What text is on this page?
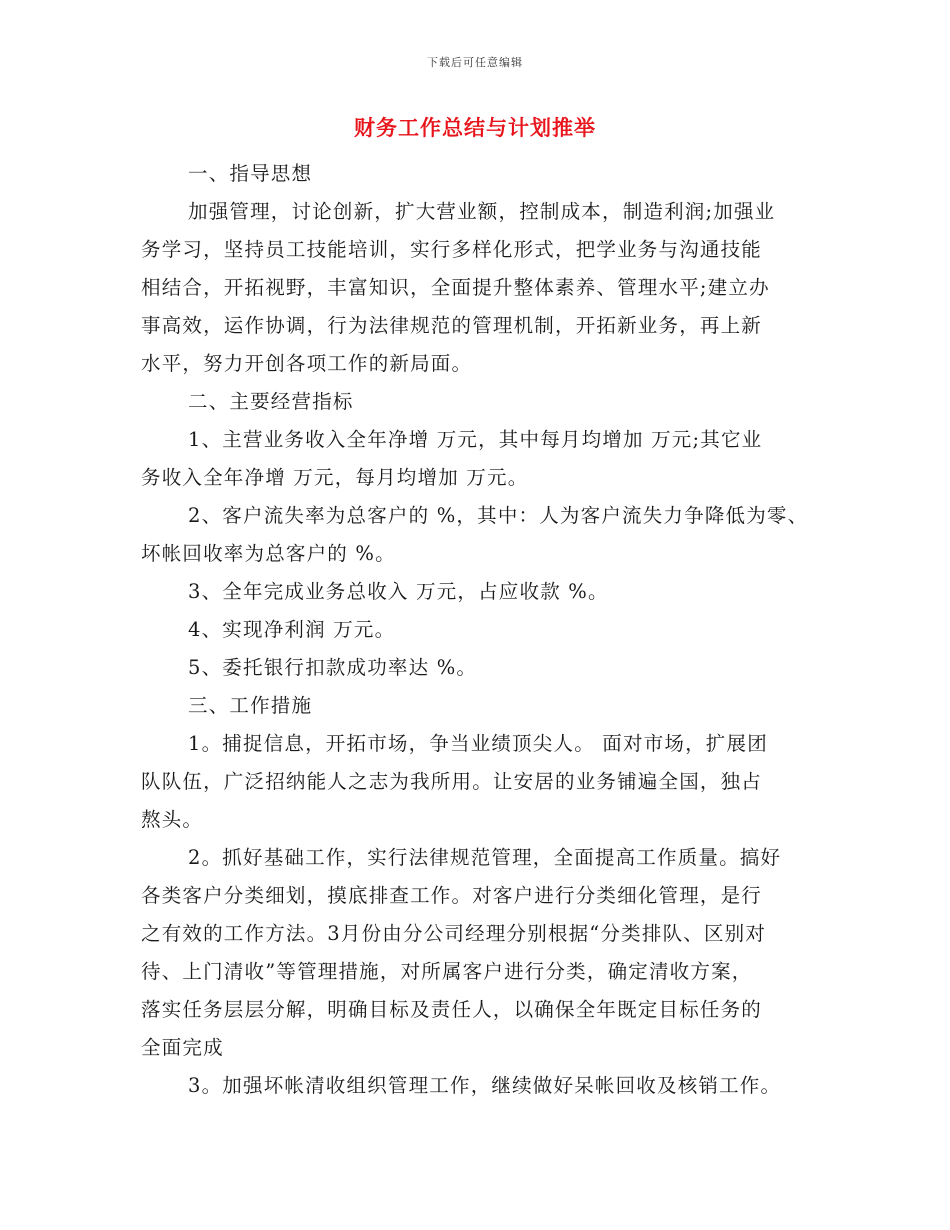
下载后可任意编辑
财务工作总结与计划推举
一、指导思想
加强管理，讨论创新，扩大营业额，控制成本，制造利润;加强业
务学习，坚持员工技能培训，实行多样化形式，把学业务与沟通技能
相结合，开拓视野，丰富知识，全面提升整体素养、管理水平;建立办
事高效，运作协调，行为法律规范的管理机制，开拓新业务，再上新
水平，努力开创各项工作的新局面。
二、主要经营指标
1、主营业务收入全年净增 万元，其中每月均增加 万元;其它业
务收入全年净增 万元，每月均增加 万元。
2、客户流失率为总客户的 %，其中：人为客户流失力争降低为零、
坏帐回收率为总客户的 %。
3、全年完成业务总收入 万元，占应收款 %。
4、实现净利润 万元。
5、委托银行扣款成功率达 %。
三、工作措施
1。捕捉信息，开拓市场，争当业绩顶尖人。 面对市场，扩展团
队队伍，广泛招纳能人之志为我所用。让安居的业务铺遍全国，独占
熬头。
2。抓好基础工作，实行法律规范管理，全面提高工作质量。搞好
各类客户分类细划，摸底排查工作。对客户进行分类细化管理，是行
之有效的工作方法。3月份由分公司经理分别根据“分类排队、区别对
待、上门清收”等管理措施，对所属客户进行分类，确定清收方案，
落实任务层层分解，明确目标及责任人，以确保全年既定目标任务的
全面完成
3。加强坏帐清收组织管理工作，继续做好呆帐回收及核销工作。
